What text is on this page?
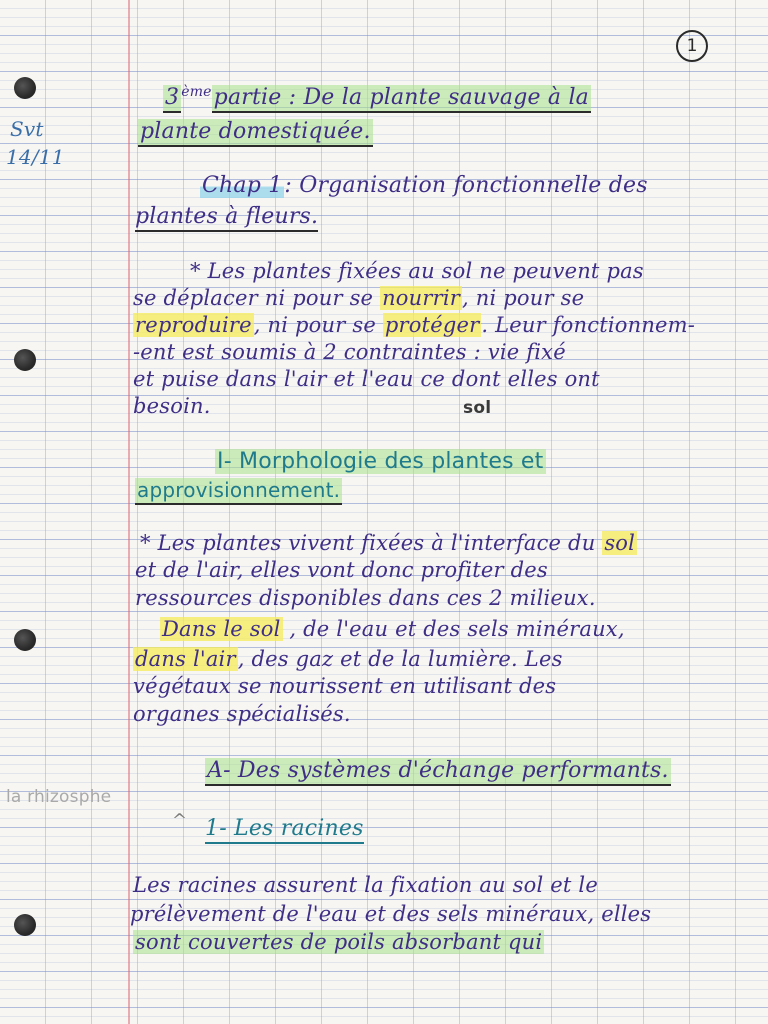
1
Svt
14/11
la rhizosphe
3 $^{ème}$partie : De la plante sauvage à la
plante domestiquée.
Chap 1: Organisation fonctionnelle des
plantes à fleurs.
* Les plantes fixées au sol ne peuvent pas
se déplacer ni pour se nourrir, ni pour se
reproduire, ni pour se protéger. Leur fonctionnem-
-ent est soumis à 2 contraintes : vie fixé
et puise dans l'air et l'eau ce dont elles ont
besoin.	sol
I- Morphologie des plantes et
approvisionnement.
* Les plantes vivent fixées à l'interface du sol
et de l'air, elles vont donc profiter des
ressources disponibles dans ces 2 milieux.
Dans le sol , de l'eau et des sels minéraux,
dans l'air, des gaz et de la lumière. Les
végétaux se nourissent en utilisant des
organes spécialisés.
A- Des systèmes d'échange performants.
^ 1- Les racines
Les racines assurent la fixation au sol et le
prélèvement de l'eau et des sels minéraux, elles
sont couvertes de poils absorbant qui
